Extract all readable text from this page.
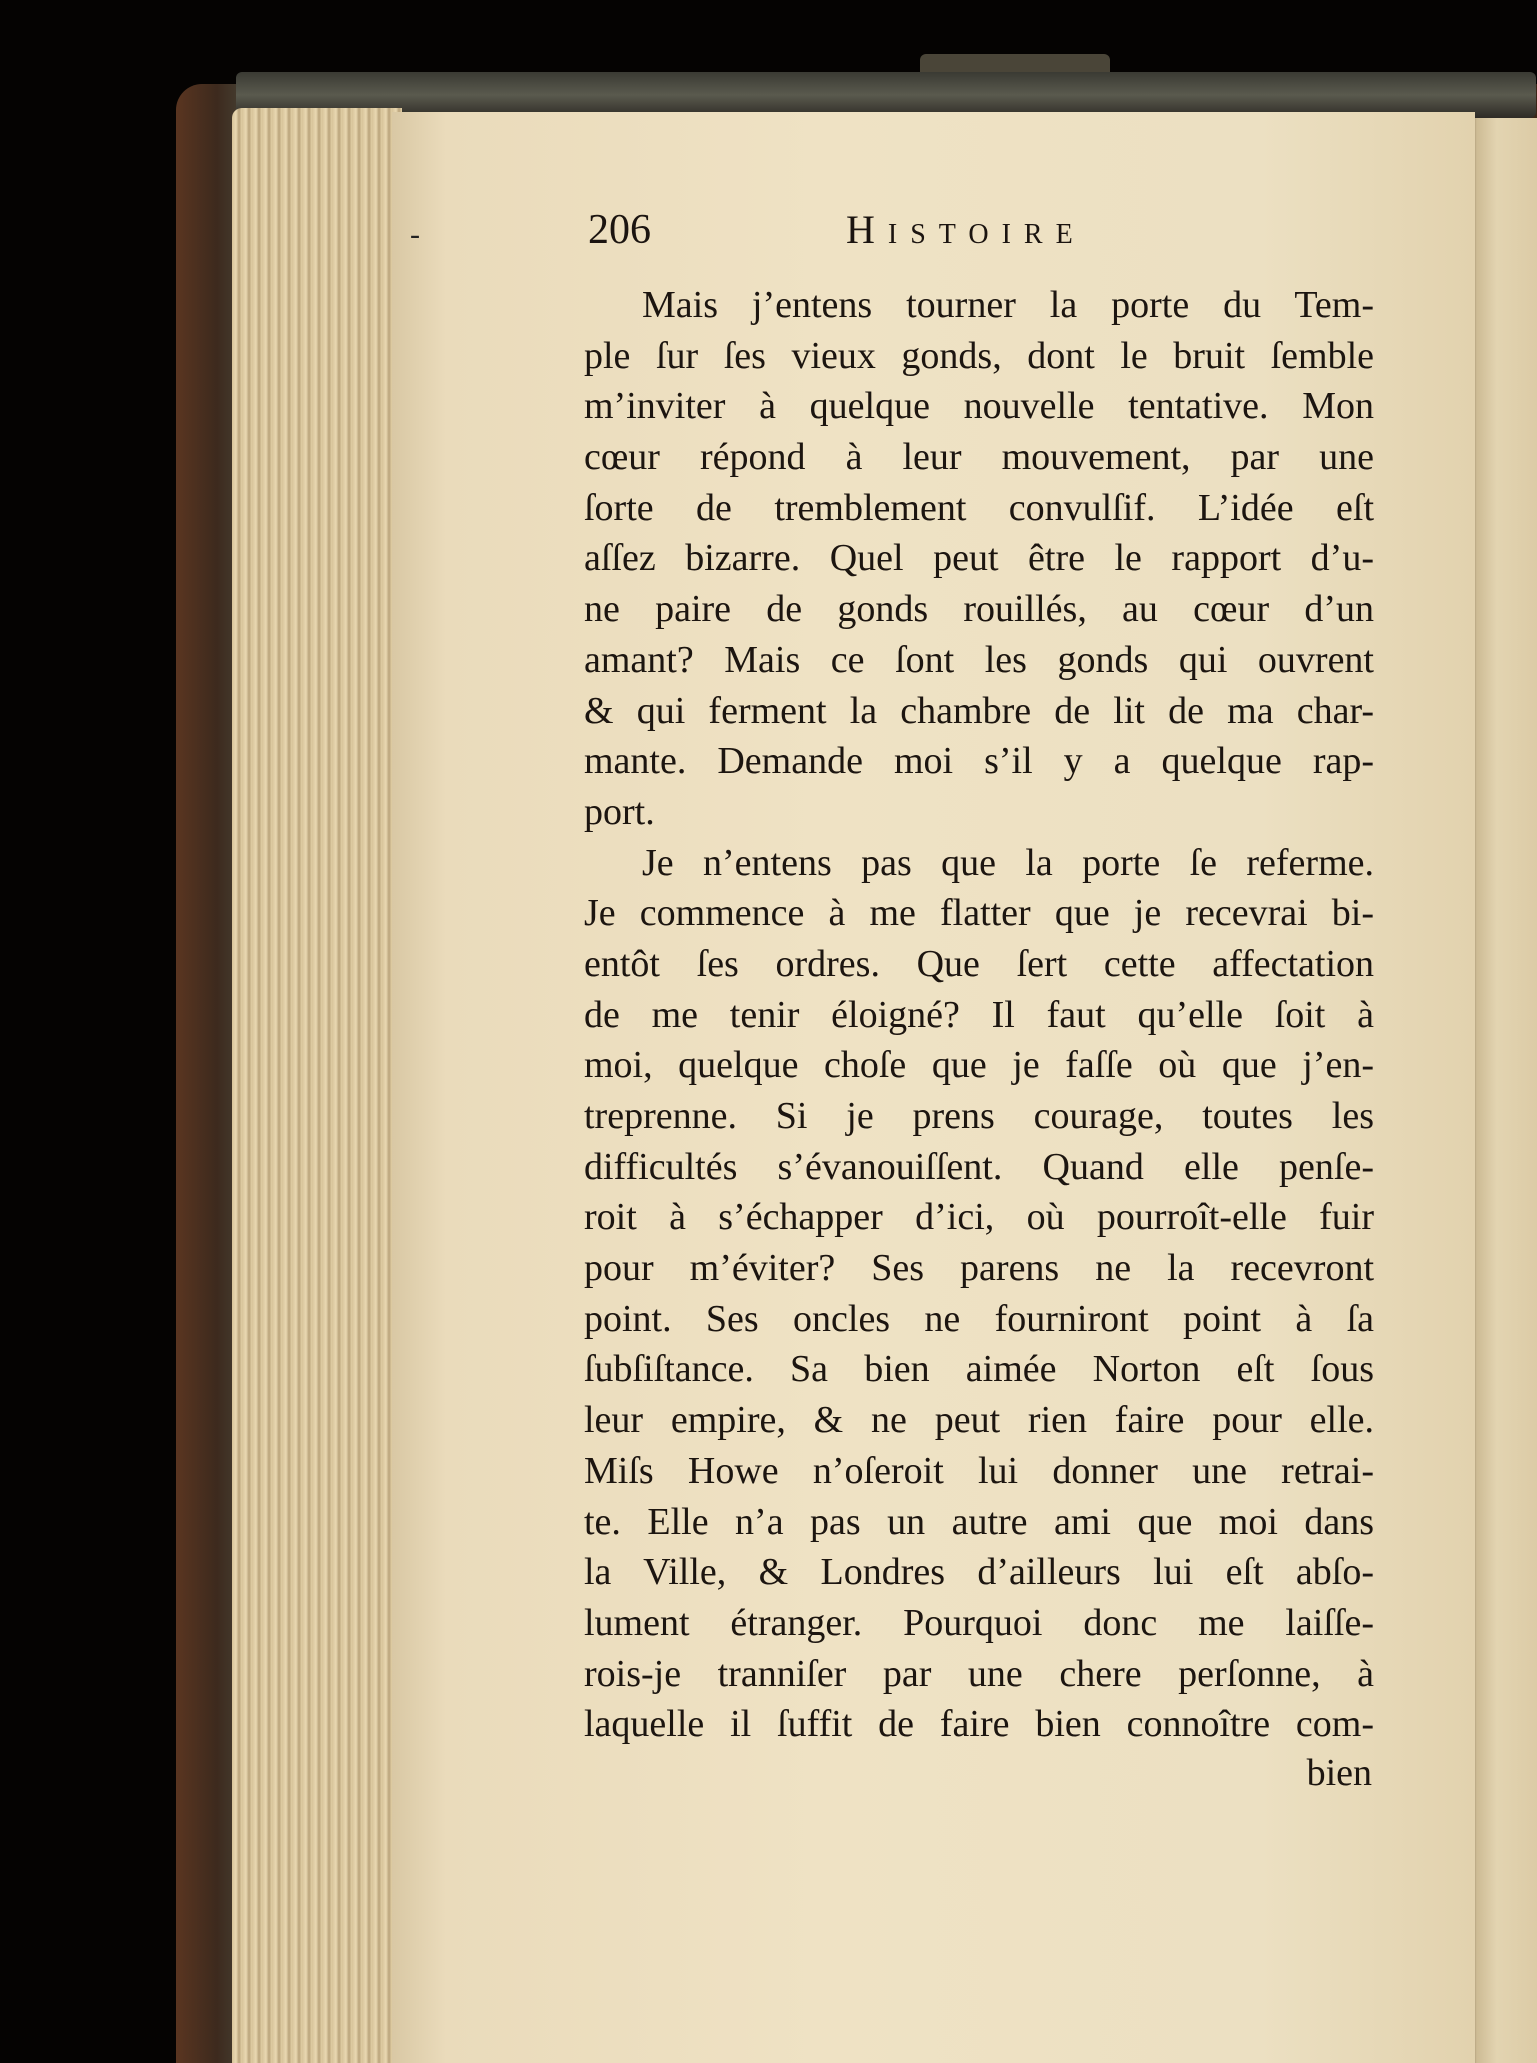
-	206	Histoire
Mais j’entens tourner la porte du Tem-
ple ſur ſes vieux gonds, dont le bruit ſemble
m’inviter à quelque nouvelle tentative. Mon
cœur répond à leur mouvement, par une
ſorte de tremblement convulſif. L’idée eſt
aſſez bizarre. Quel peut être le rapport d’u-
ne paire de gonds rouillés, au cœur d’un
amant? Mais ce ſont les gonds qui ouvrent
& qui ferment la chambre de lit de ma char-
mante. Demande moi s’il y a quelque rap-
port.
Je n’entens pas que la porte ſe referme.
Je commence à me flatter que je recevrai bi-
entôt ſes ordres. Que ſert cette affectation
de me tenir éloigné? Il faut qu’elle ſoit à
moi, quelque choſe que je faſſe où que j’en-
treprenne. Si je prens courage, toutes les
difficultés s’évanouiſſent. Quand elle penſe-
roit à s’échapper d’ici, où pourroît-elle fuir
pour m’éviter? Ses parens ne la recevront
point. Ses oncles ne fourniront point à ſa
ſubſiſtance. Sa bien aimée Norton eſt ſous
leur empire, & ne peut rien faire pour elle.
Miſs Howe n’oſeroit lui donner une retrai-
te. Elle n’a pas un autre ami que moi dans
la Ville, & Londres d’ailleurs lui eſt abſo-
lument étranger. Pourquoi donc me laiſſe-
rois-je tranniſer par une chere perſonne, à
laquelle il ſuffit de faire bien connoître com-
bien
